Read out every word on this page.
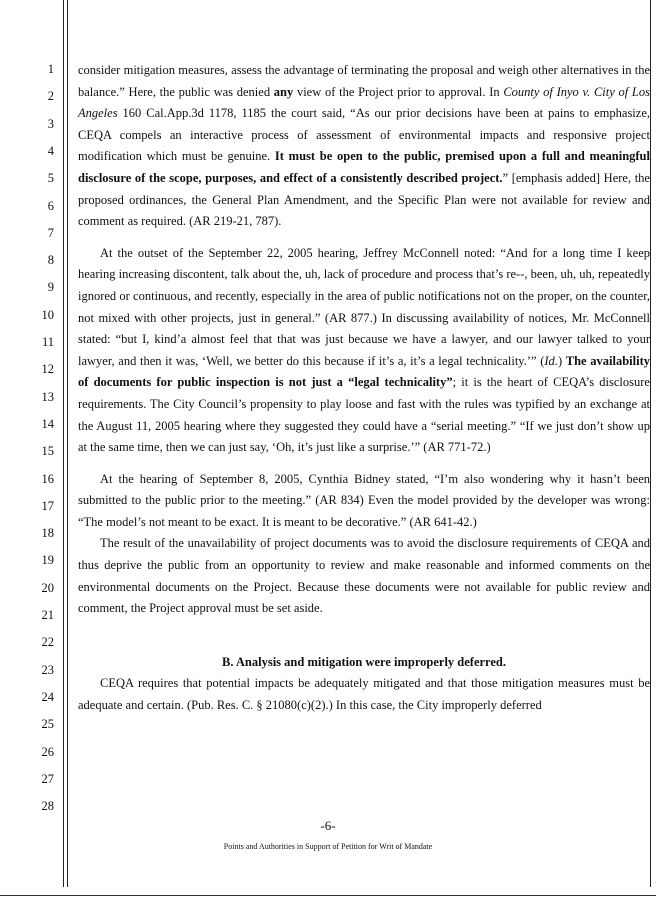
1
2
3
4
5
6
7
8
9
10
11
12
13
14
15
16
17
18
19
20
21
22
23
24
25
26
27
28

consider mitigation measures, assess the advantage of terminating the proposal and weigh other alternatives in the balance.” Here, the public was denied any view of the Project prior to approval. In County of Inyo v. City of Los Angeles 160 Cal.App.3d 1178, 1185 the court said, “As our prior decisions have been at pains to emphasize, CEQA compels an interactive process of assessment of environmental impacts and responsive project modification which must be genuine. It must be open to the public, premised upon a full and meaningful disclosure of the scope, purposes, and effect of a consistently described project.” [emphasis added] Here, the proposed ordinances, the General Plan Amendment, and the Specific Plan were not available for review and comment as required. (AR 219-21, 787).

At the outset of the September 22, 2005 hearing, Jeffrey McConnell noted: “And for a long time I keep hearing increasing discontent, talk about the, uh, lack of procedure and process that’s re--, been, uh, uh, repeatedly ignored or continuous, and recently, especially in the area of public notifications not on the proper, on the counter, not mixed with other projects, just in general.” (AR 877.) In discussing availability of notices, Mr. McConnell stated: “but I, kind’a almost feel that that was just because we have a lawyer, and our lawyer talked to your lawyer, and then it was, ‘Well, we better do this because if it’s a, it’s a legal technicality.’” (Id.) The availability of documents for public inspection is not just a “legal technicality”; it is the heart of CEQA’s disclosure requirements. The City Council’s propensity to play loose and fast with the rules was typified by an exchange at the August 11, 2005 hearing where they suggested they could have a “serial meeting.” “If we just don’t show up at the same time, then we can just say, ‘Oh, it’s just like a surprise.’” (AR 771-72.)

At the hearing of September 8, 2005, Cynthia Bidney stated, “I’m also wondering why it hasn’t been submitted to the public prior to the meeting.” (AR 834) Even the model provided by the developer was wrong: “The model’s not meant to be exact. It is meant to be decorative.” (AR 641-42.)

The result of the unavailability of project documents was to avoid the disclosure requirements of CEQA and thus deprive the public from an opportunity to review and make reasonable and informed comments on the environmental documents on the Project. Because these documents were not available for public review and comment, the Project approval must be set aside.

B. Analysis and mitigation were improperly deferred.

CEQA requires that potential impacts be adequately mitigated and that those mitigation measures must be adequate and certain. (Pub. Res. C. § 21080(c)(2).) In this case, the City improperly deferred

-6-
Points and Authorities in Support of Petition for Writ of Mandate
